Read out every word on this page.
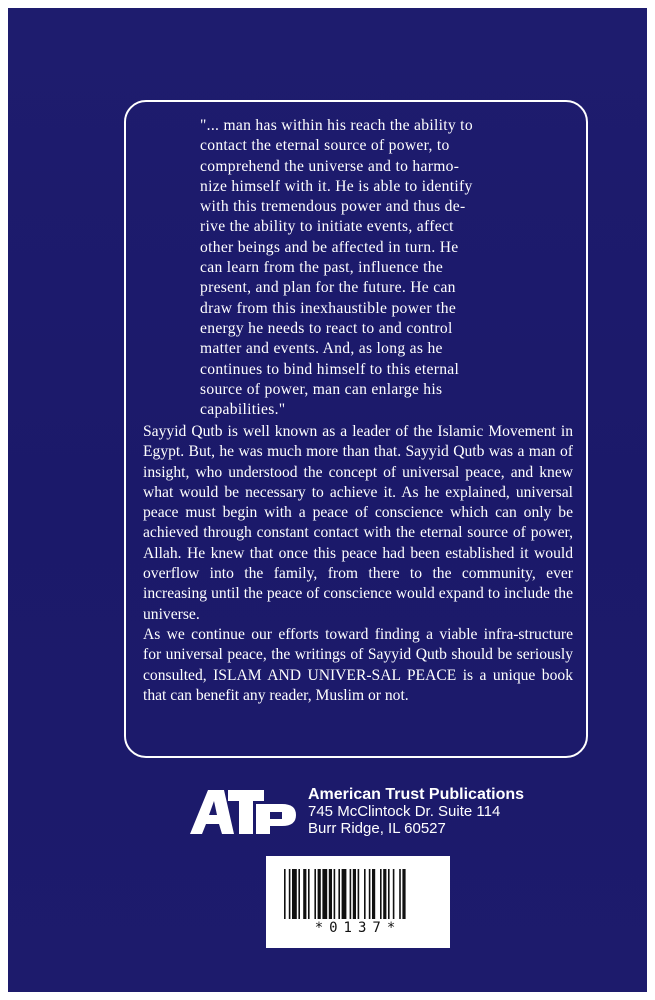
"... man has within his reach the ability to

contact the eternal source of power, to

comprehend the universe and to harmo-

nize himself with it. He is able to identify

with this tremendous power and thus de-

rive the ability to initiate events, affect

other beings and be affected in turn. He

can learn from the past, influence the

present, and plan for the future. He can

draw from this inexhaustible power the

energy he needs to react to and control

matter and events. And, as long as he

continues to bind himself to this eternal

source of power, man can enlarge his

capabilities."

Sayyid Qutb is well known as a leader of the Islamic Movement in Egypt. But, he was much more than that. Sayyid Qutb was a man of insight, who understood the concept of universal peace, and knew what would be necessary to achieve it. As he explained, universal peace must begin with a peace of conscience which can only be achieved through constant contact with the eternal source of power, Allah. He knew that once this peace had been established it would overflow into the family, from there to the community, ever increasing until the peace of conscience would expand to include the universe.

As we continue our efforts toward finding a viable infra-structure for universal peace, the writings of Sayyid Qutb should be seriously consulted, ISLAM AND UNIVER-SAL PEACE is a unique book that can benefit any reader, Muslim or not.

American Trust Publications
745 McClintock Dr. Suite 114
Burr Ridge, IL 60527
*0137*
